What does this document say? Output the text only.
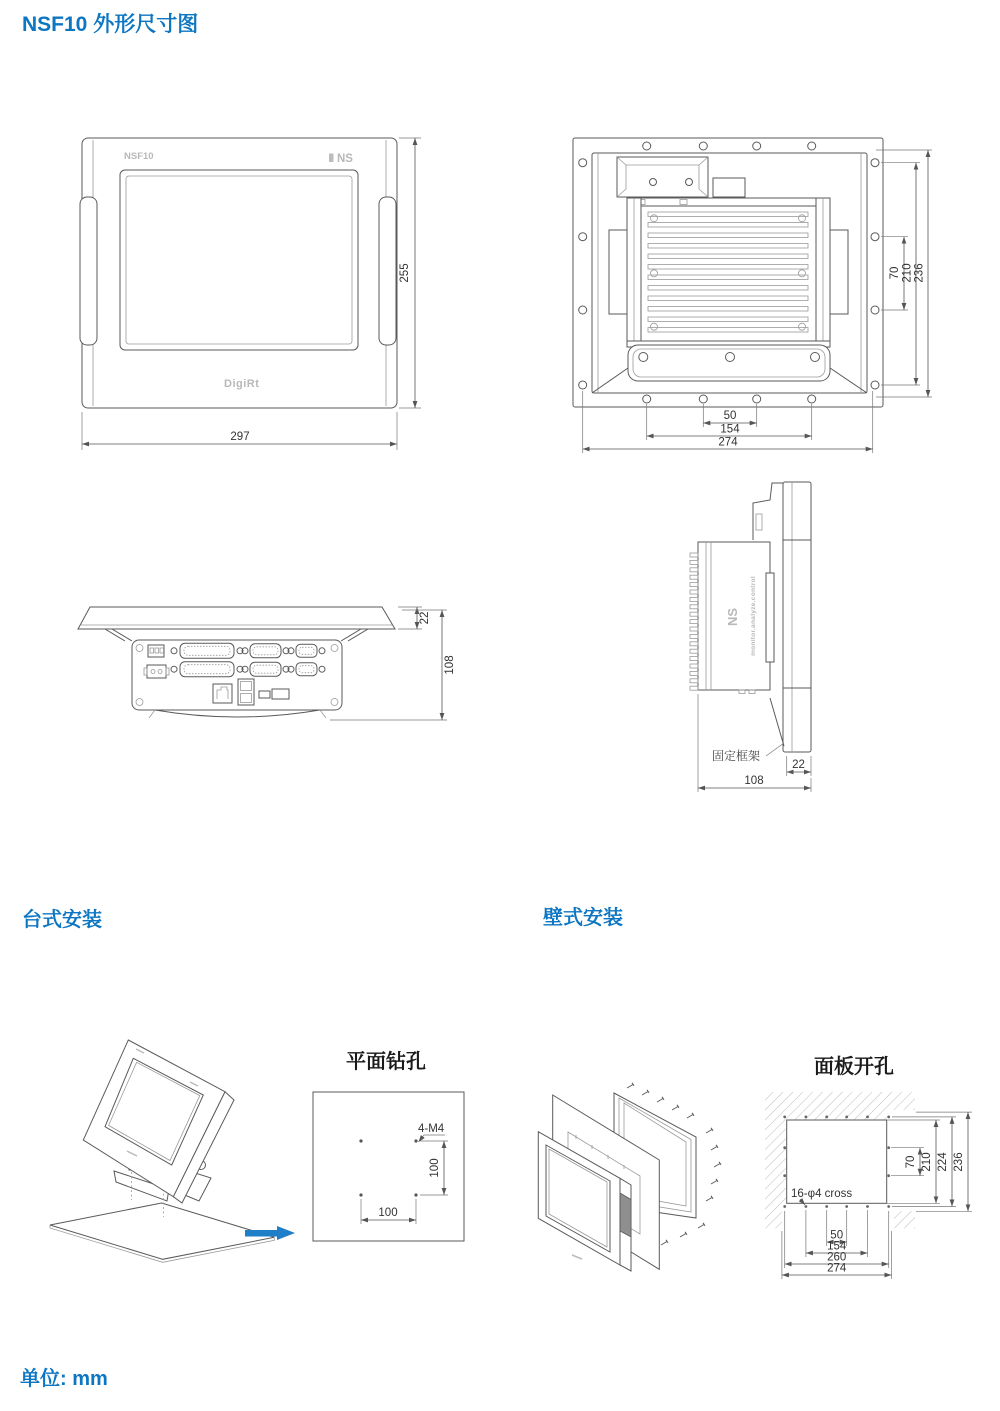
NSF10 外形尺寸图
NSF10	NS
DigiRt
255
297
70 210 236
50
154
274
22
108
NS monitor.analyze.control
固定框架
22
108
台式安装	壁式安装
平面钻孔	面板开孔
4-M4
100
100
16-φ4 cross
70 210 224 236
50
154
260
274
单位: mm
